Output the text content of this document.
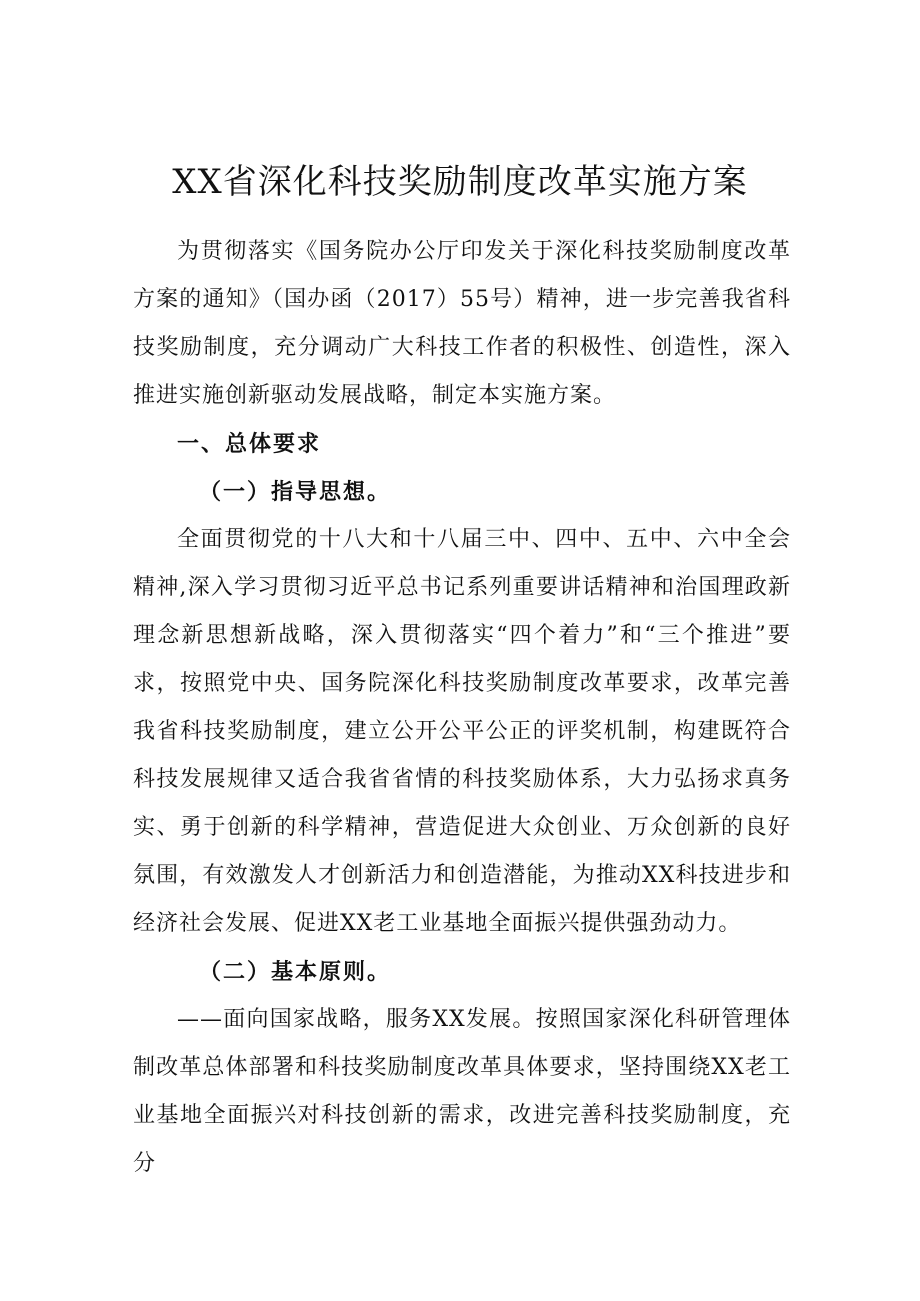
XX省深化科技奖励制度改革实施方案

为贯彻落实《国务院办公厅印发关于深化科技奖励制度改革方案的通知》（国办函（2017）55号）精神，进一步完善我省科技奖励制度，充分调动广大科技工作者的积极性、创造性，深入推进实施创新驱动发展战略，制定本实施方案。

一、总体要求
（一）指导思想。

全面贯彻党的十八大和十八届三中、四中、五中、六中全会精神,深入学习贯彻习近平总书记系列重要讲话精神和治国理政新理念新思想新战略，深入贯彻落实“四个着力”和“三个推进”要求，按照党中央、国务院深化科技奖励制度改革要求，改革完善我省科技奖励制度，建立公开公平公正的评奖机制，构建既符合科技发展规律又适合我省省情的科技奖励体系，大力弘扬求真务实、勇于创新的科学精神，营造促进大众创业、万众创新的良好氛围，有效激发人才创新活力和创造潜能，为推动XX科技进步和经济社会发展、促进XX老工业基地全面振兴提供强劲动力。

（二）基本原则。

——面向国家战略，服务XX发展。按照国家深化科研管理体制改革总体部署和科技奖励制度改革具体要求，坚持围绕XX老工业基地全面振兴对科技创新的需求，改进完善科技奖励制度，充分
